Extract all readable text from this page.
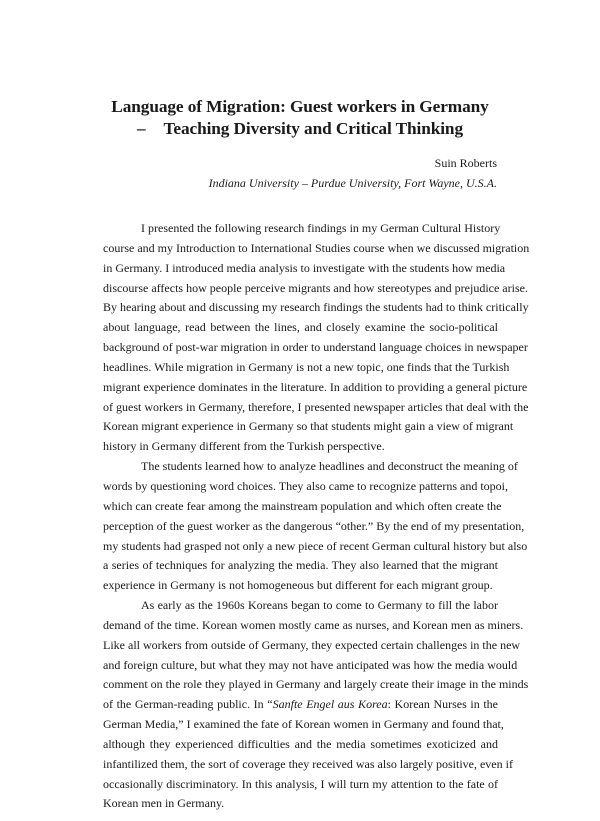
Language of Migration: Guest workers in Germany
– Teaching Diversity and Critical Thinking
Suin Roberts
Indiana University – Purdue University, Fort Wayne, U.S.A.
I presented the following research findings in my German Cultural History
course and my Introduction to International Studies course when we discussed migration
in Germany. I introduced media analysis to investigate with the students how media
discourse affects how people perceive migrants and how stereotypes and prejudice arise.
By hearing about and discussing my research findings the students had to think critically
about language, read between the lines, and closely examine the socio-political
background of post-war migration in order to understand language choices in newspaper
headlines. While migration in Germany is not a new topic, one finds that the Turkish
migrant experience dominates in the literature. In addition to providing a general picture
of guest workers in Germany, therefore, I presented newspaper articles that deal with the
Korean migrant experience in Germany so that students might gain a view of migrant
history in Germany different from the Turkish perspective.
The students learned how to analyze headlines and deconstruct the meaning of
words by questioning word choices. They also came to recognize patterns and topoi,
which can create fear among the mainstream population and which often create the
perception of the guest worker as the dangerous “other.” By the end of my presentation,
my students had grasped not only a new piece of recent German cultural history but also
a series of techniques for analyzing the media. They also learned that the migrant
experience in Germany is not homogeneous but different for each migrant group.
As early as the 1960s Koreans began to come to Germany to fill the labor
demand of the time. Korean women mostly came as nurses, and Korean men as miners.
Like all workers from outside of Germany, they expected certain challenges in the new
and foreign culture, but what they may not have anticipated was how the media would
comment on the role they played in Germany and largely create their image in the minds
of the German-reading public. In “Sanfte Engel aus Korea: Korean Nurses in the
German Media,” I examined the fate of Korean women in Germany and found that,
although they experienced difficulties and the media sometimes exoticized and
infantilized them, the sort of coverage they received was also largely positive, even if
occasionally discriminatory. In this analysis, I will turn my attention to the fate of
Korean men in Germany.
